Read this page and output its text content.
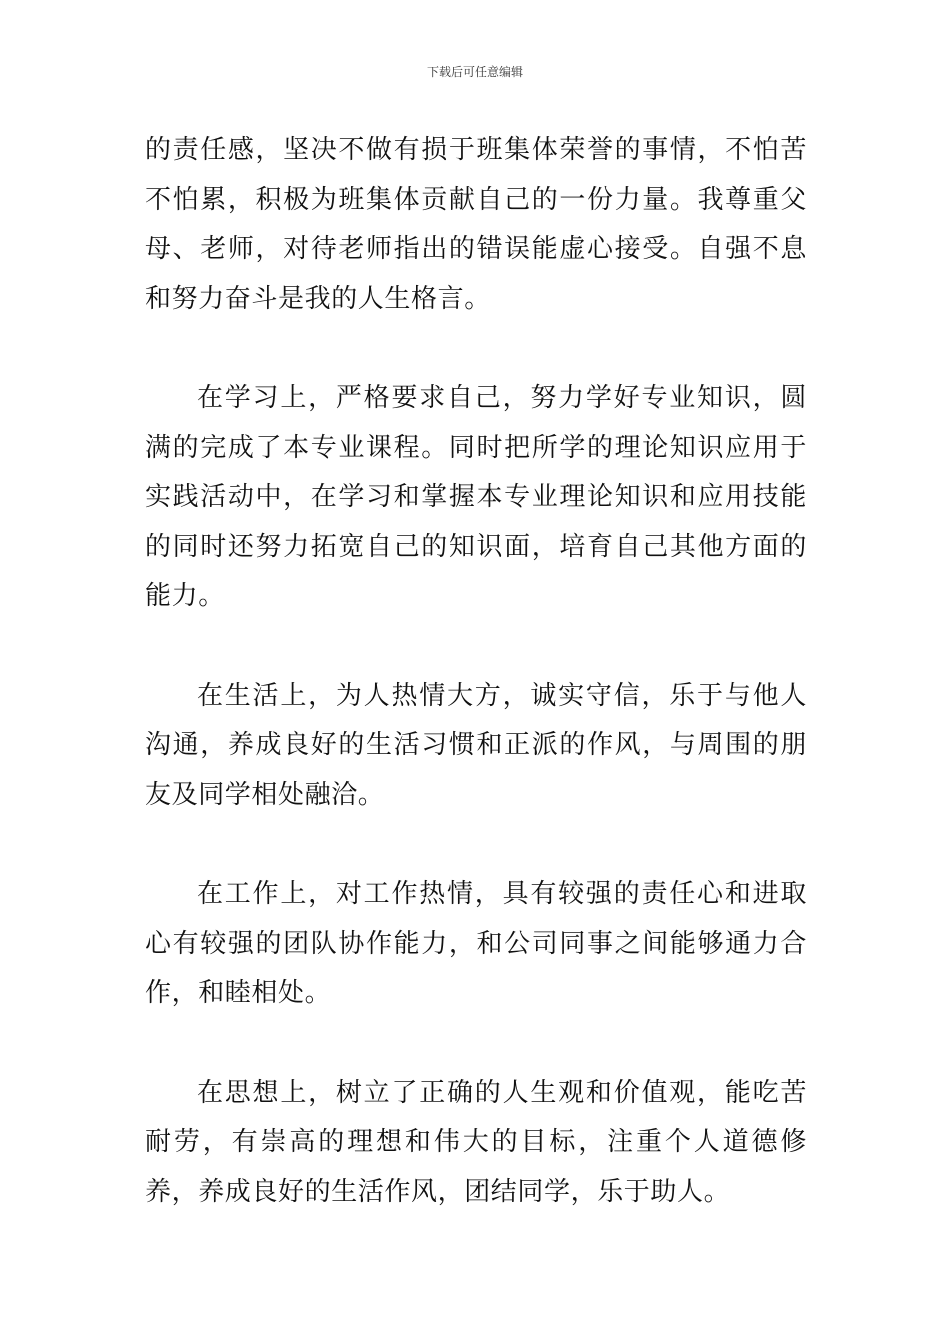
下载后可任意编辑

的责任感，坚决不做有损于班集体荣誉的事情，不怕苦不怕累，积极为班集体贡献自己的一份力量。我尊重父母、老师，对待老师指出的错误能虚心接受。自强不息和努力奋斗是我的人生格言。

在学习上，严格要求自己，努力学好专业知识，圆满的完成了本专业课程。同时把所学的理论知识应用于实践活动中，在学习和掌握本专业理论知识和应用技能的同时还努力拓宽自己的知识面，培育自己其他方面的能力。

在生活上，为人热情大方，诚实守信，乐于与他人沟通，养成良好的生活习惯和正派的作风，与周围的朋友及同学相处融洽。

在工作上，对工作热情，具有较强的责任心和进取心有较强的团队协作能力，和公司同事之间能够通力合作，和睦相处。

在思想上，树立了正确的人生观和价值观，能吃苦耐劳，有崇高的理想和伟大的目标，注重个人道德修养，养成良好的生活作风，团结同学，乐于助人。
